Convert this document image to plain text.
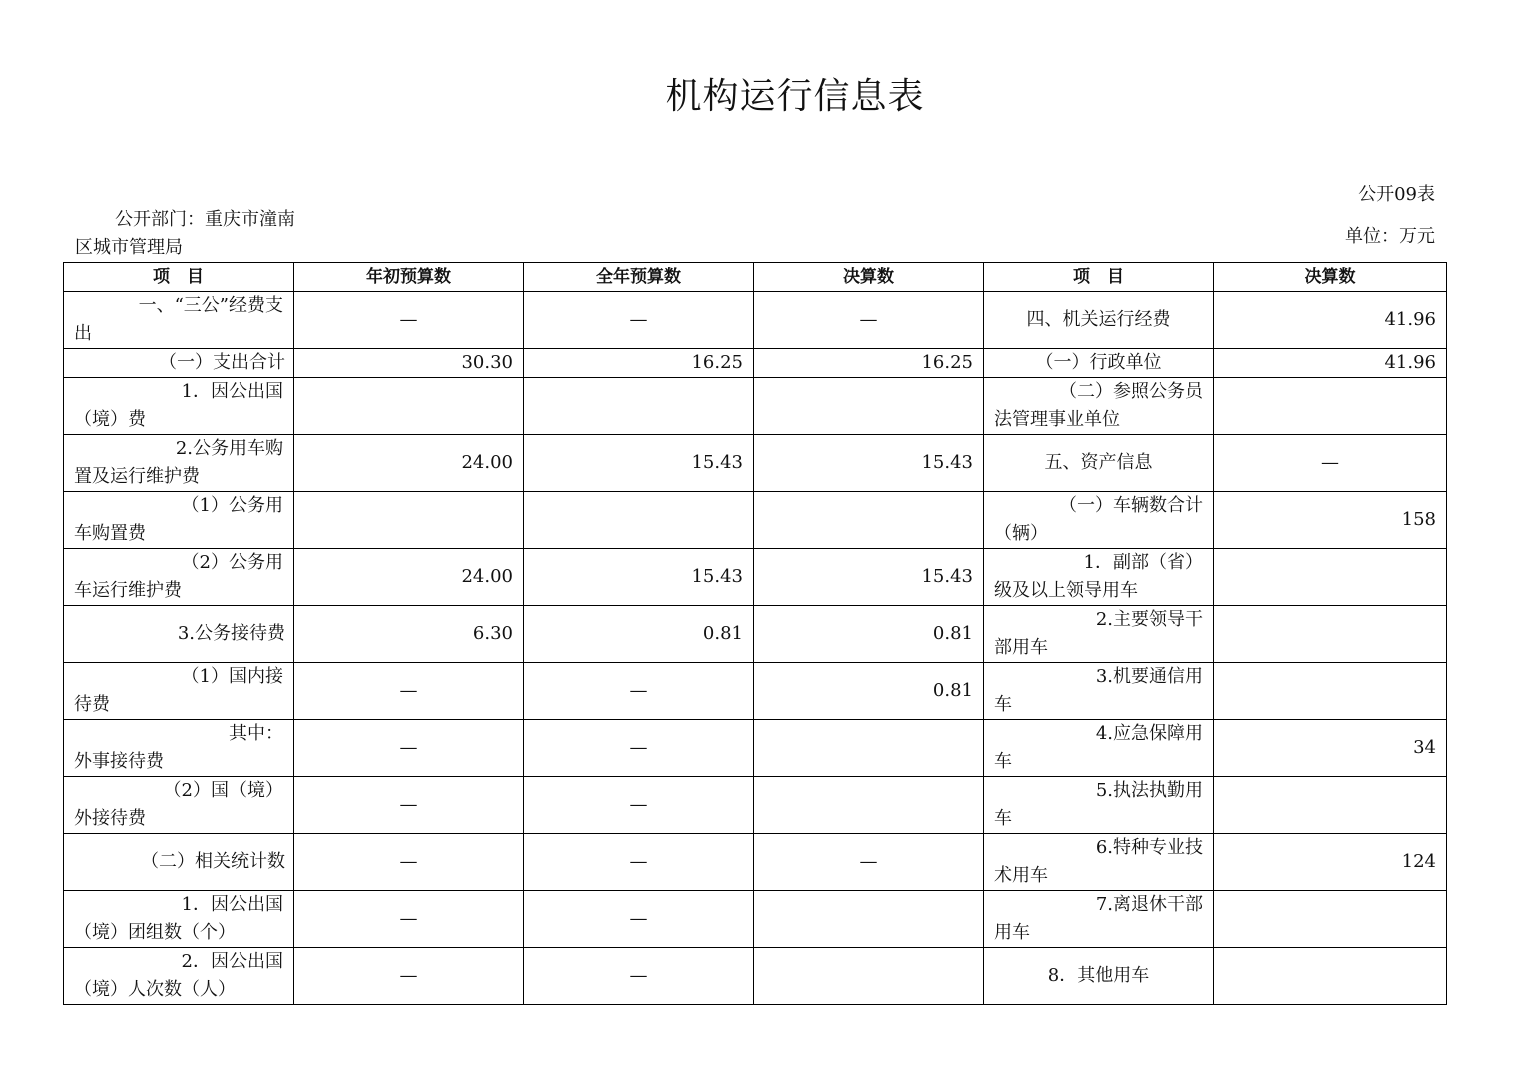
机构运行信息表
公开09表
公开部门：重庆市潼南区城市管理局
单位：万元
项　目	年初预算数	全年预算数	决算数	项　目	决算数

一、“三公”经费支
出	—	—	—	四、机关运行经费	41.96
（一）支出合计	30.30	16.25	16.25	（一）行政单位	41.96

1．因公出国
（境）费				（二）参照公务员
法管理事业单位	

2.公务用车购
置及运行维护费	24.00	15.43	15.43	五、资产信息	—

（1）公务用
车购置费				（一）车辆数合计
（辆）	158

（2）公务用
车运行维护费	24.00	15.43	15.43	1．副部（省）
级及以上领导用车	
3.公务接待费	6.30	0.81	0.81	2.主要领导干
部用车	

（1）国内接
待费	—	—	0.81	3.机要通信用
车	

其中：
外事接待费	—	—		4.应急保障用
车	34

（2）国（境）
外接待费	—	—		5.执法执勤用
车	
（二）相关统计数	—	—	—	6.特种专业技
术用车	124

1．因公出国
（境）团组数（个）	—	—		7.离退休干部
用车	

2．因公出国
（境）人次数（人）	—	—		8．其他用车	
